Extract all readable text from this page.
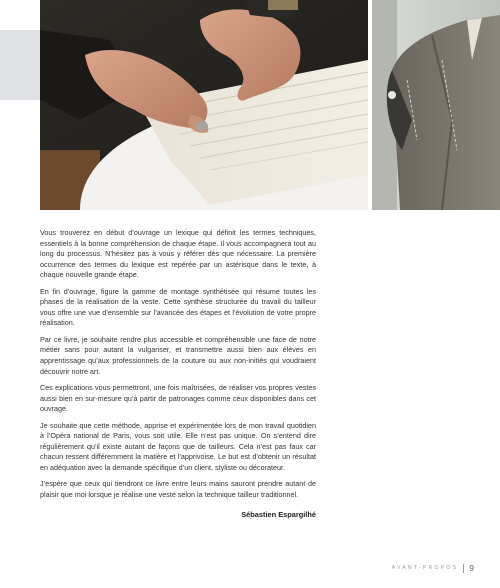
Vous trouverez en début d’ouvrage un lexique qui définit les termes techniques, essentiels à la bonne compréhension de chaque étape. Il vous accompagnera tout au long du processus. N’hésitez pas à vous y référer dès que nécessaire. La première occurrence des termes du lexique est repérée par un astérisque dans le texte, à chaque nouvelle grande étape.

En fin d’ouvrage, figure la gamme de montage synthétisée qui résume toutes les phases de la réalisation de la veste. Cette synthèse structurée du travail du tailleur vous offre une vue d’ensemble sur l’avancée des étapes et l’évolution de votre propre réalisation.

Par ce livre, je souhaite rendre plus accessible et compréhensible une face de notre métier sans pour autant la vulgariser, et transmettre aussi bien aux élèves en apprentissage qu’aux professionnels de la couture ou aux non-initiés qui voudraient découvrir notre art.

Ces explications vous permettront, une fois maîtrisées, de réaliser vos propres vestes aussi bien en sur-mesure qu’à partir de patronages comme ceux disponibles dans cet ouvrage.

Je souhaite que cette méthode, apprise et expérimentée lors de mon travail quotidien à l’Opéra national de Paris, vous soit utile. Elle n’est pas unique. On s’entend dire régulièrement qu’il existe autant de façons que de tailleurs. Cela n’est pas faux car chacun ressent différemment la matière et l’apprivoise. Le but est d’obtenir un résultat en adéquation avec la demande spécifique d’un client, styliste ou décorateur.

J’espère que ceux qui tiendront ce livre entre leurs mains sauront prendre autant de plaisir que moi lorsque je réalise une veste selon la technique tailleur traditionnel.

Sébastien Espargilhé
AVANT-PROPOS 9
